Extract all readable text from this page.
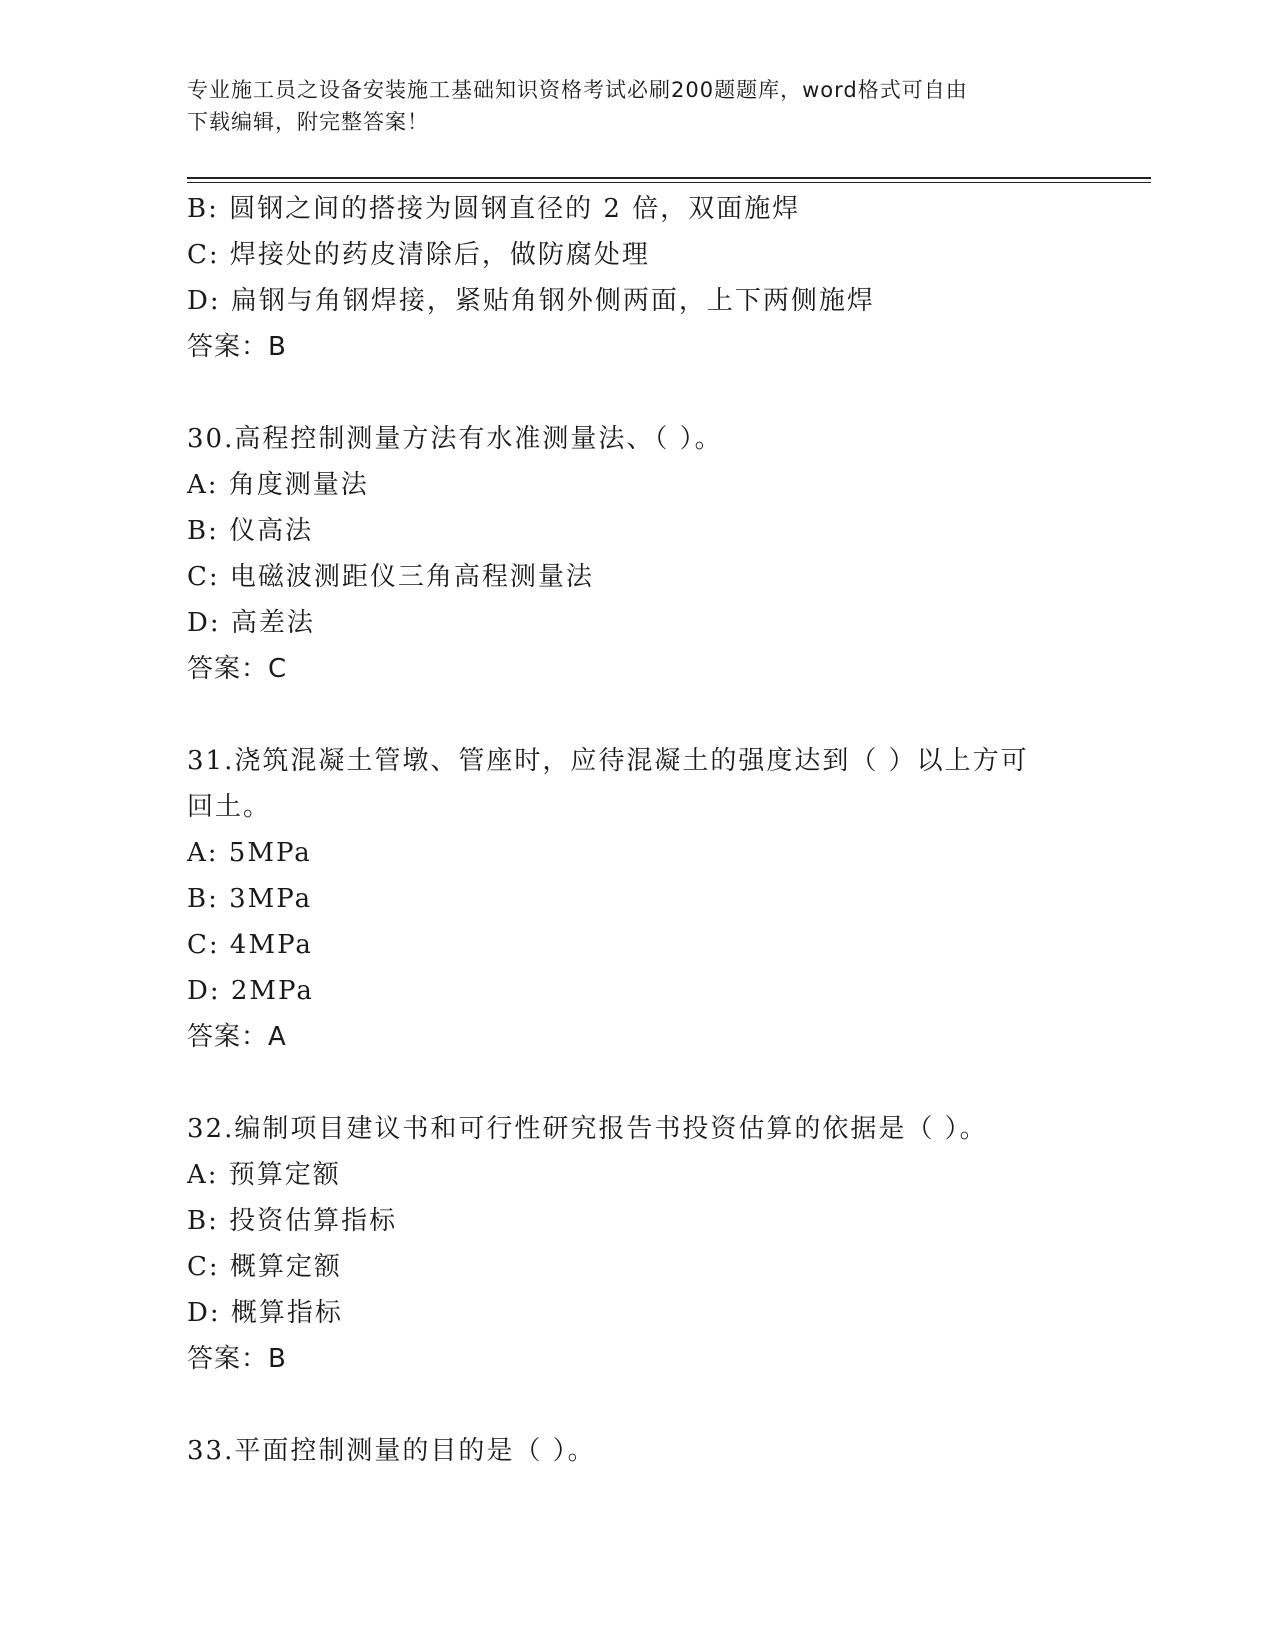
专业施工员之设备安装施工基础知识资格考试必刷200题题库，word格式可自由
下载编辑，附完整答案！
B: 圆钢之间的搭接为圆钢直径的 2 倍，双面施焊
C: 焊接处的药皮清除后，做防腐处理
D: 扁钢与角钢焊接，紧贴角钢外侧两面，上下两侧施焊
答案：B
30.高程控制测量方法有水准测量法、（ ）。
A: 角度测量法
B: 仪高法
C: 电磁波测距仪三角高程测量法
D: 高差法
答案：C
31.浇筑混凝土管墩、管座时，应待混凝土的强度达到（ ）以上方可
回土。
A: 5MPa
B: 3MPa
C: 4MPa
D: 2MPa
答案：A
32.编制项目建议书和可行性研究报告书投资估算的依据是（ ）。
A: 预算定额
B: 投资估算指标
C: 概算定额
D: 概算指标
答案：B
33.平面控制测量的目的是（ ）。
